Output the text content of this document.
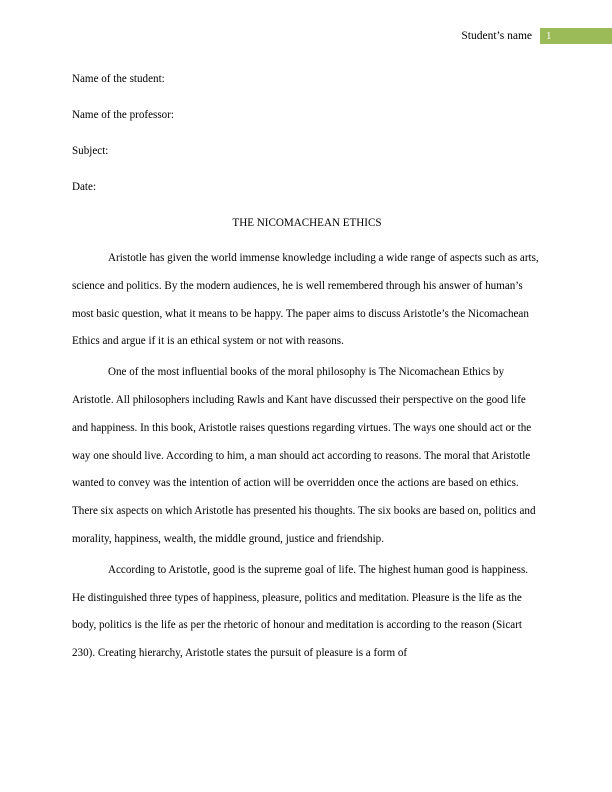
Student’s name	1

Name of the student:

Name of the professor:

Subject:

Date:

THE NICOMACHEAN ETHICS

Aristotle has given the world immense knowledge including a wide range of aspects such as arts, science and politics. By the modern audiences, he is well remembered through his answer of human’s most basic question, what it means to be happy. The paper aims to discuss Aristotle’s the Nicomachean Ethics and argue if it is an ethical system or not with reasons.

One of the most influential books of the moral philosophy is The Nicomachean Ethics by Aristotle. All philosophers including Rawls and Kant have discussed their perspective on the good life and happiness. In this book, Aristotle raises questions regarding virtues. The ways one should act or the way one should live. According to him, a man should act according to reasons. The moral that Aristotle wanted to convey was the intention of action will be overridden once the actions are based on ethics. There six aspects on which Aristotle has presented his thoughts. The six books are based on, politics and morality, happiness, wealth, the middle ground, justice and friendship.

According to Aristotle, good is the supreme goal of life. The highest human good is happiness. He distinguished three types of happiness, pleasure, politics and meditation. Pleasure is the life as the body, politics is the life as per the rhetoric of honour and meditation is according to the reason (Sicart 230). Creating hierarchy, Aristotle states the pursuit of pleasure is a form of
